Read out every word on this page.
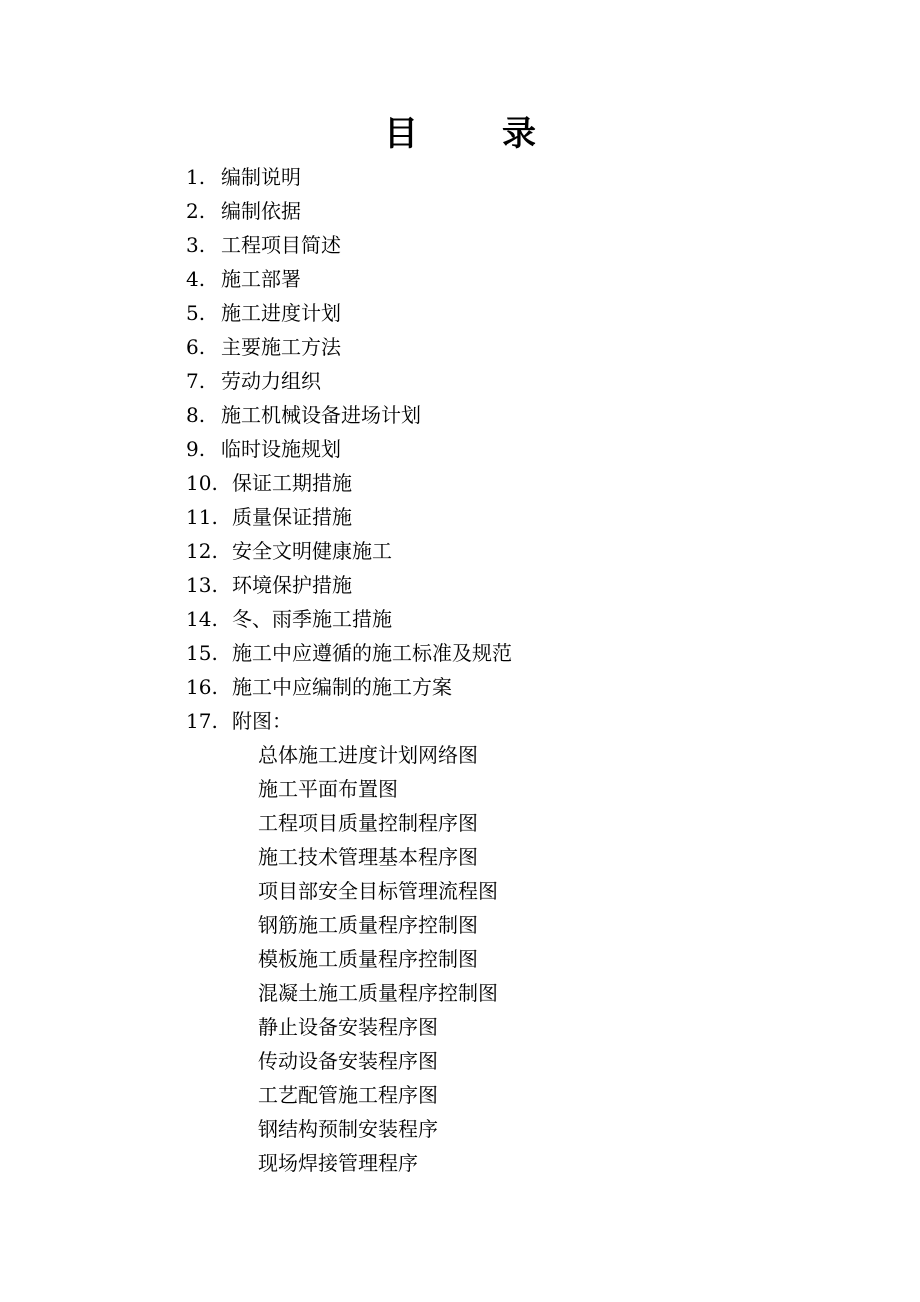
目 录
1. 编制说明
2. 编制依据
3. 工程项目简述
4. 施工部署
5. 施工进度计划
6. 主要施工方法
7. 劳动力组织
8. 施工机械设备进场计划
9. 临时设施规划
10. 保证工期措施
11. 质量保证措施
12. 安全文明健康施工
13. 环境保护措施
14. 冬、雨季施工措施
15. 施工中应遵循的施工标准及规范
16. 施工中应编制的施工方案
17. 附图：
总体施工进度计划网络图
施工平面布置图
工程项目质量控制程序图
施工技术管理基本程序图
项目部安全目标管理流程图
钢筋施工质量程序控制图
模板施工质量程序控制图
混凝土施工质量程序控制图
静止设备安装程序图
传动设备安装程序图
工艺配管施工程序图
钢结构预制安装程序
现场焊接管理程序
